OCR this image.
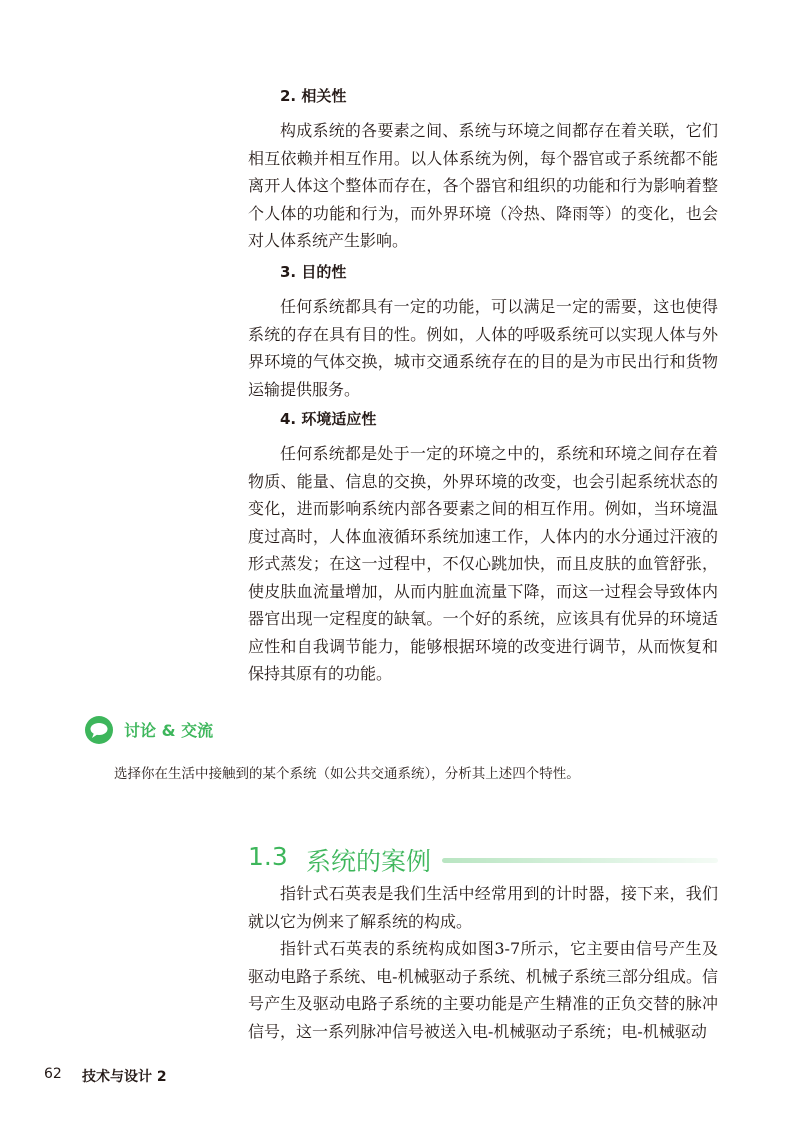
2. 相关性

构成系统的各要素之间、系统与环境之间都存在着关联，它们相互依赖并相互作用。以人体系统为例，每个器官或子系统都不能离开人体这个整体而存在，各个器官和组织的功能和行为影响着整个人体的功能和行为，而外界环境（冷热、降雨等）的变化，也会对人体系统产生影响。

3. 目的性

任何系统都具有一定的功能，可以满足一定的需要，这也使得系统的存在具有目的性。例如，人体的呼吸系统可以实现人体与外界环境的气体交换，城市交通系统存在的目的是为市民出行和货物运输提供服务。

4. 环境适应性

任何系统都是处于一定的环境之中的，系统和环境之间存在着物质、能量、信息的交换，外界环境的改变，也会引起系统状态的变化，进而影响系统内部各要素之间的相互作用。例如，当环境温度过高时，人体血液循环系统加速工作，人体内的水分通过汗液的形式蒸发；在这一过程中，不仅心跳加快，而且皮肤的血管舒张，使皮肤血流量增加，从而内脏血流量下降，而这一过程会导致体内器官出现一定程度的缺氧。一个好的系统，应该具有优异的环境适应性和自我调节能力，能够根据环境的改变进行调节，从而恢复和保持其原有的功能。

讨论 & 交流
选择你在生活中接触到的某个系统（如公共交通系统），分析其上述四个特性。
1.3 系统的案例

指针式石英表是我们生活中经常用到的计时器，接下来，我们就以它为例来了解系统的构成。

指针式石英表的系统构成如图3-7所示，它主要由信号产生及驱动电路子系统、电-机械驱动子系统、机械子系统三部分组成。信号产生及驱动电路子系统的主要功能是产生精准的正负交替的脉冲信号，这一系列脉冲信号被送入电-机械驱动子系统；电-机械驱动

62 技术与设计 2
